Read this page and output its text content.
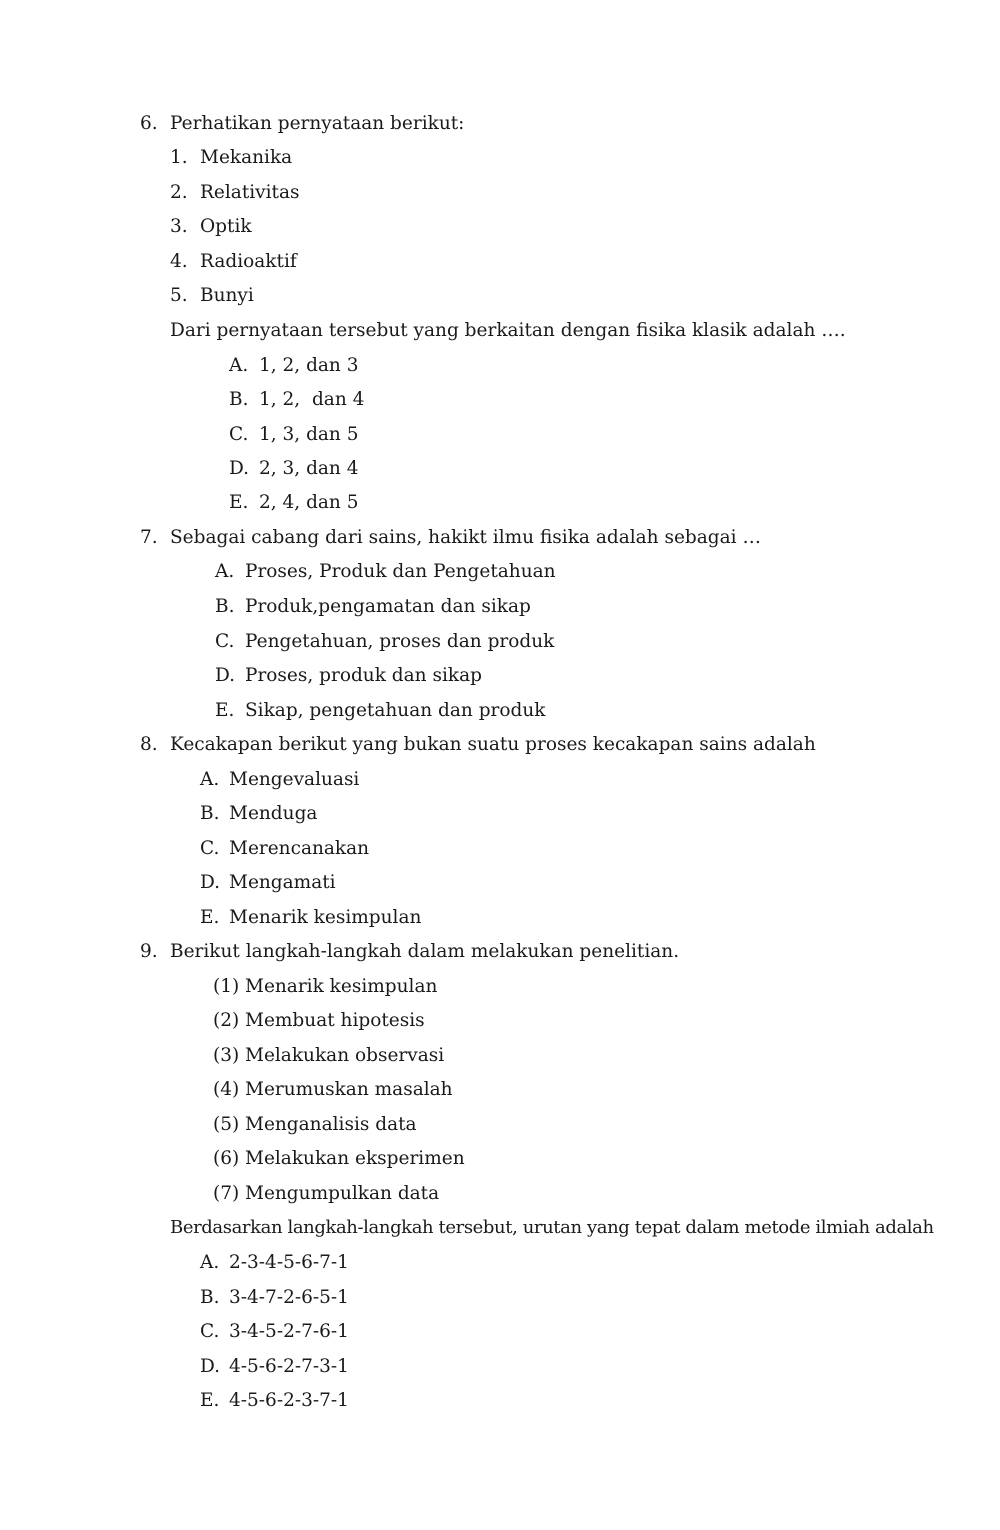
6. Perhatikan pernyataan berikut:
1. Mekanika
2. Relativitas
3. Optik
4. Radioaktif
5. Bunyi
Dari pernyataan tersebut yang berkaitan dengan fisika klasik adalah ….
A. 1, 2, dan 3
B. 1, 2,  dan 4
C. 1, 3, dan 5
D. 2, 3, dan 4
E. 2, 4, dan 5
7. Sebagai cabang dari sains, hakikt ilmu fisika adalah sebagai …
A. Proses, Produk dan Pengetahuan
B. Produk,pengamatan dan sikap
C. Pengetahuan, proses dan produk
D. Proses, produk dan sikap
E. Sikap, pengetahuan dan produk
8. Kecakapan berikut yang bukan suatu proses kecakapan sains adalah
A. Mengevaluasi
B. Menduga
C. Merencanakan
D. Mengamati
E. Menarik kesimpulan
9. Berikut langkah-langkah dalam melakukan penelitian.
(1) Menarik kesimpulan
(2) Membuat hipotesis
(3) Melakukan observasi
(4) Merumuskan masalah
(5) Menganalisis data
(6) Melakukan eksperimen
(7) Mengumpulkan data
Berdasarkan langkah-langkah tersebut, urutan yang tepat dalam metode ilmiah adalah
A. 2-3-4-5-6-7-1
B. 3-4-7-2-6-5-1
C. 3-4-5-2-7-6-1
D. 4-5-6-2-7-3-1
E. 4-5-6-2-3-7-1
